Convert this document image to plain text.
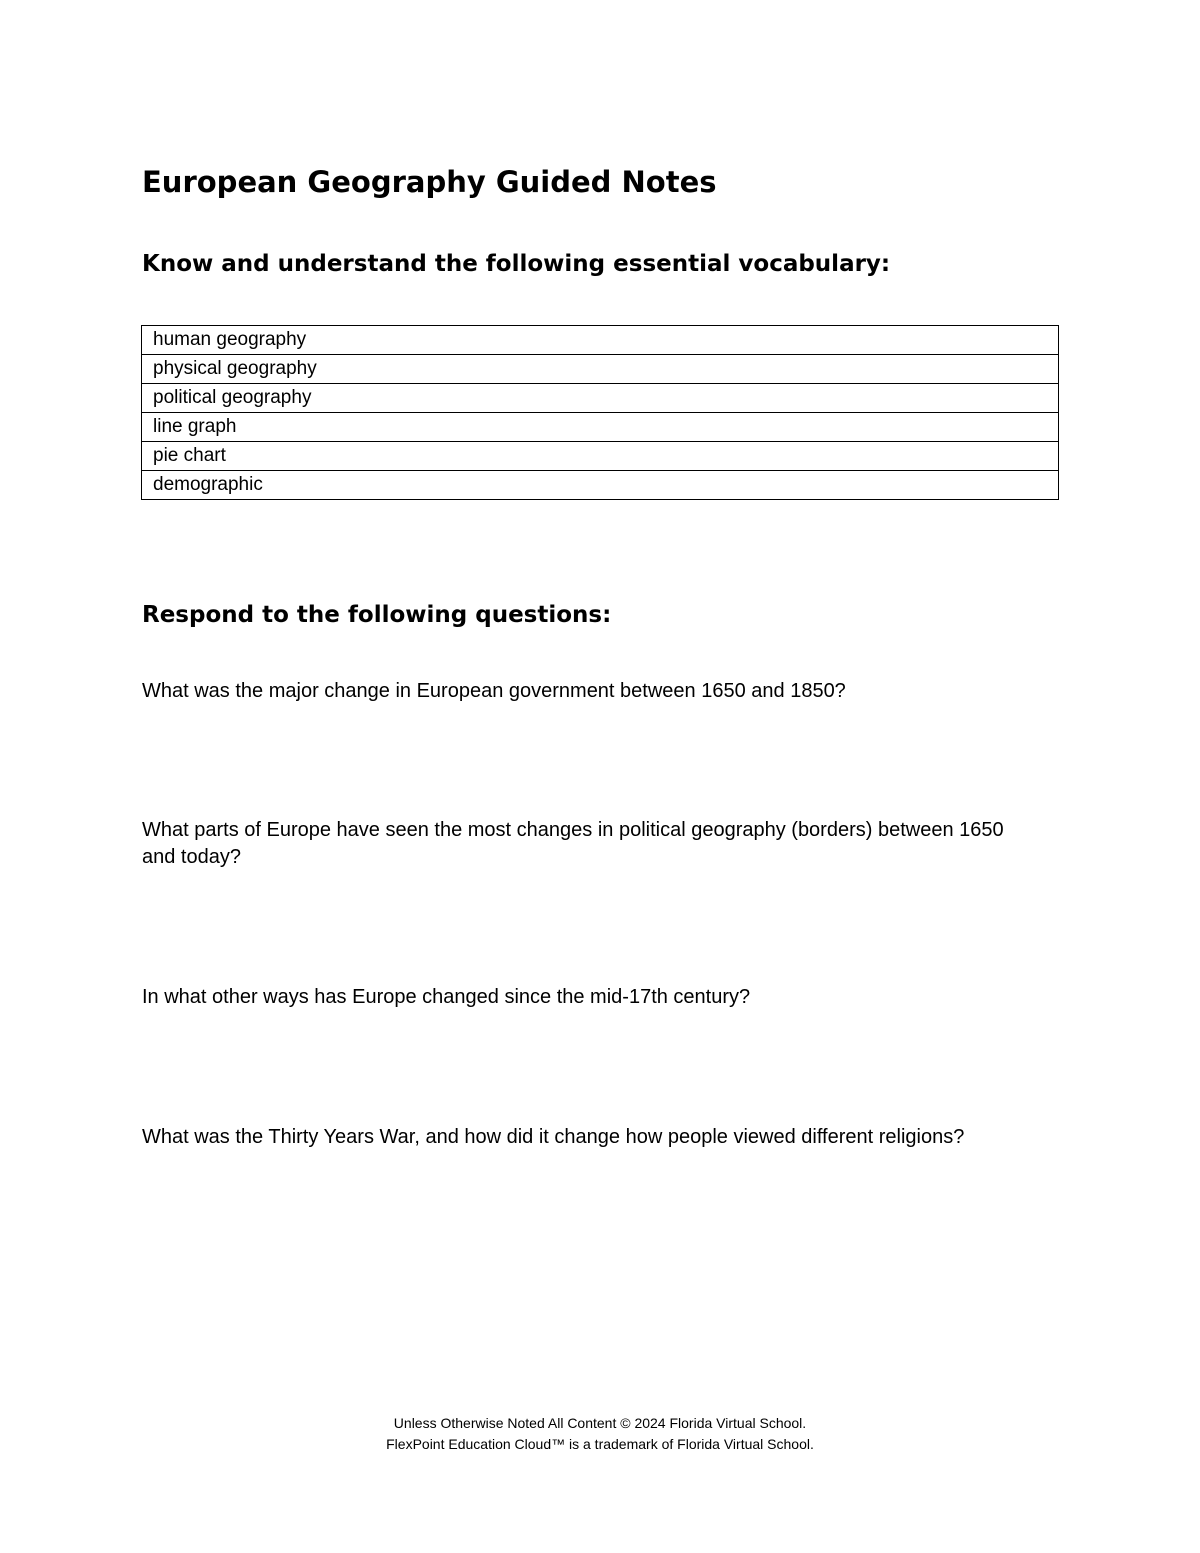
European Geography Guided Notes
Know and understand the following essential vocabulary:
human geography
physical geography
political geography
line graph
pie chart
demographic
Respond to the following questions:

What was the major change in European government between 1650 and 1850?

What parts of Europe have seen the most changes in political geography (borders) between 1650 and today?

In what other ways has Europe changed since the mid-17th century?

What was the Thirty Years War, and how did it change how people viewed different religions?

Unless Otherwise Noted All Content © 2024 Florida Virtual School.
FlexPoint Education Cloud™ is a trademark of Florida Virtual School.
